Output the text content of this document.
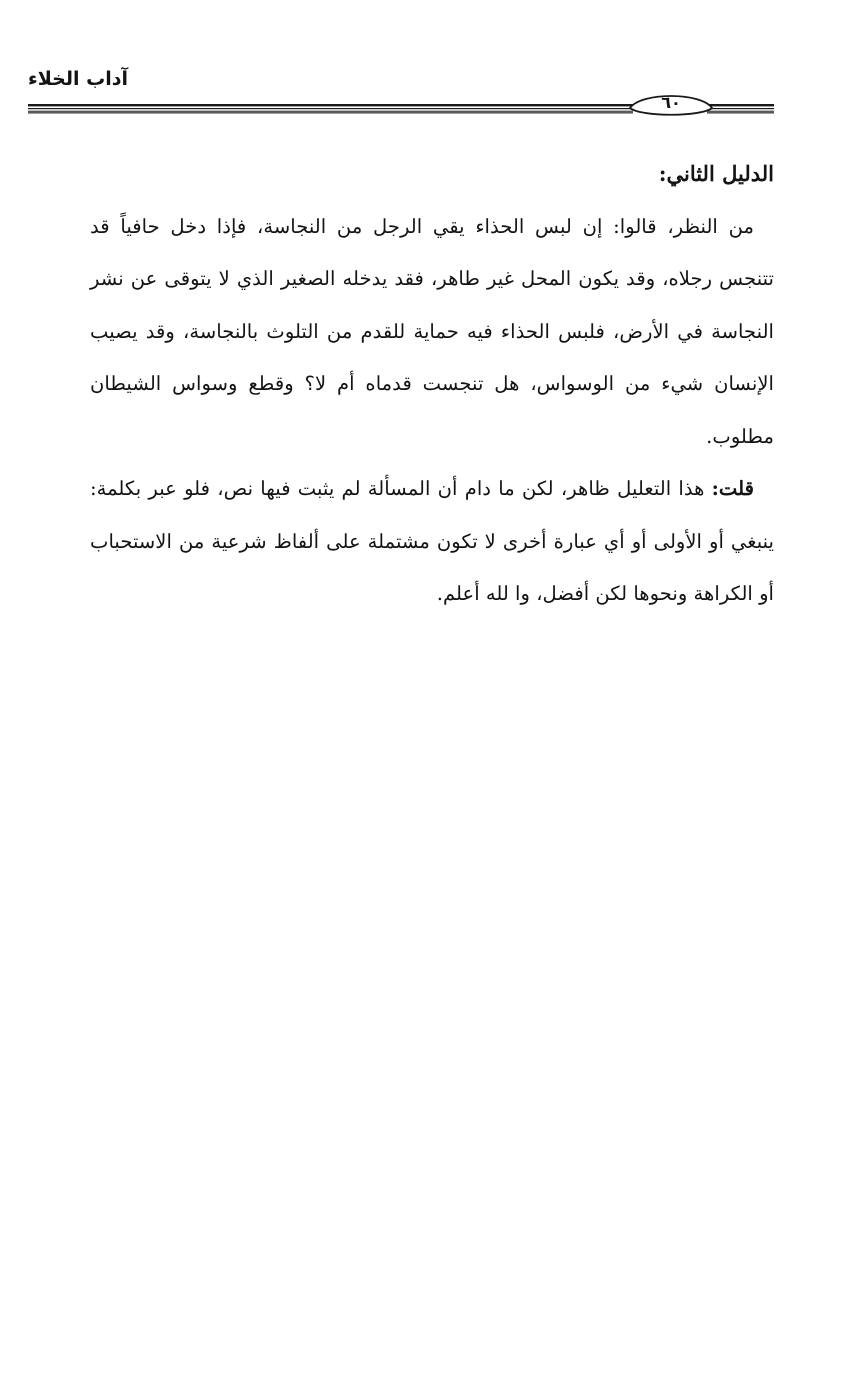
آداب الخلاء
٦٠

الدليل الثاني:

من النظر، قالوا: إن لبس الحذاء يقي الرجل من النجاسة، فإذا دخل حافياً قد تتنجس رجلاه، وقد يكون المحل غير طاهر، فقد يدخله الصغير الذي لا يتوقى عن نشر النجاسة في الأرض، فلبس الحذاء فيه حماية للقدم من التلوث بالنجاسة، وقد يصيب الإنسان شيء من الوسواس، هل تنجست قدماه أم لا؟ وقطع وسواس الشيطان مطلوب.

قلت: هذا التعليل ظاهر، لكن ما دام أن المسألة لم يثبت فيها نص، فلو عبر بكلمة: ينبغي أو الأولى أو أي عبارة أخرى لا تكون مشتملة على ألفاظ شرعية من الاستحباب أو الكراهة ونحوها لكن أفضل، وا لله أعلم.
